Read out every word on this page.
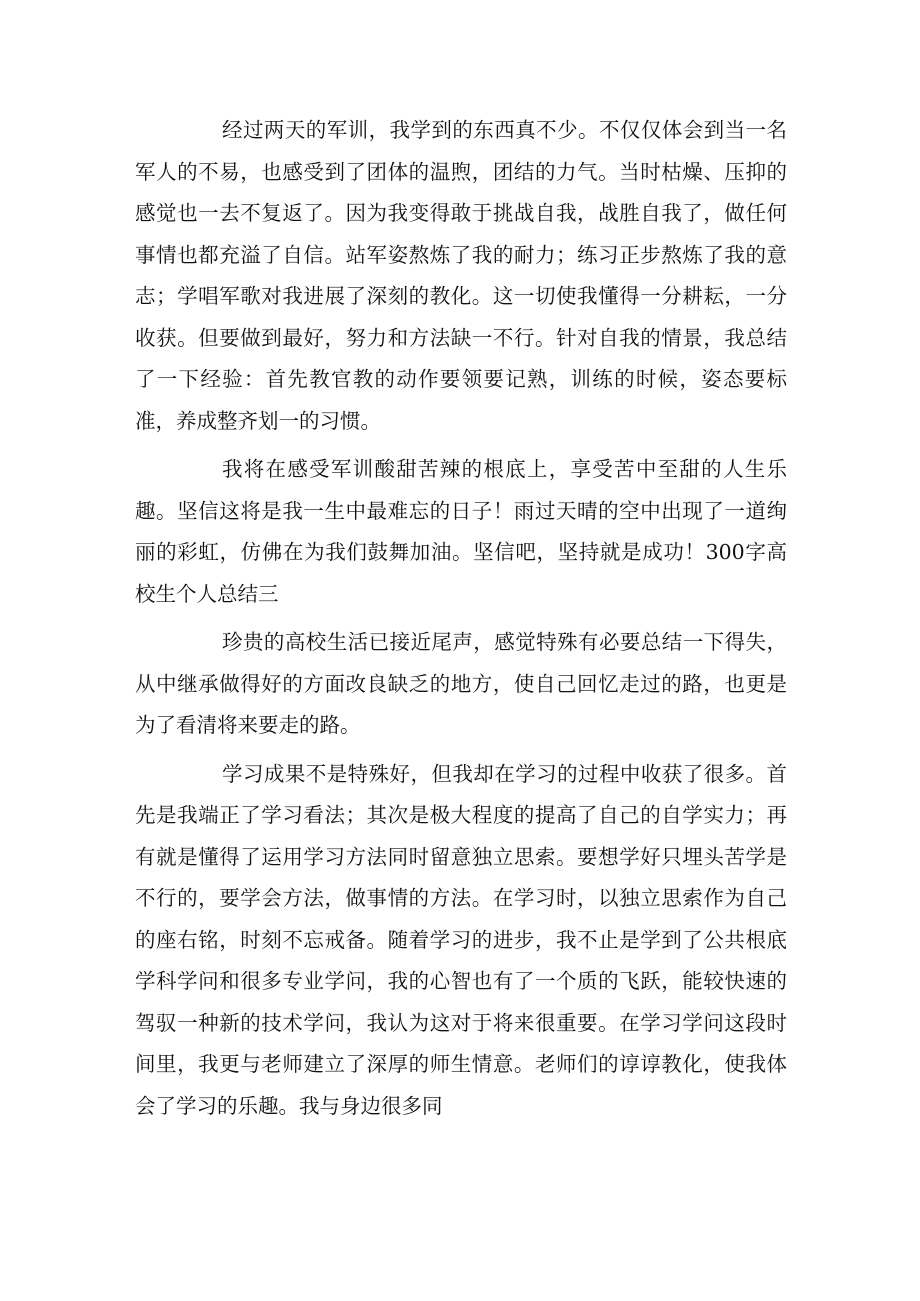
经过两天的军训，我学到的东西真不少。不仅仅体会到当一名军人的不易，也感受到了团体的温煦，团结的力气。当时枯燥、压抑的感觉也一去不复返了。因为我变得敢于挑战自我，战胜自我了，做任何事情也都充溢了自信。站军姿熬炼了我的耐力；练习正步熬炼了我的意志；学唱军歌对我进展了深刻的教化。这一切使我懂得一分耕耘，一分收获。但要做到最好，努力和方法缺一不行。针对自我的情景，我总结了一下经验：首先教官教的动作要领要记熟，训练的时候，姿态要标准，养成整齐划一的习惯。

我将在感受军训酸甜苦辣的根底上，享受苦中至甜的人生乐趣。坚信这将是我一生中最难忘的日子！雨过天晴的空中出现了一道绚丽的彩虹，仿佛在为我们鼓舞加油。坚信吧，坚持就是成功！300字高校生个人总结三

珍贵的高校生活已接近尾声，感觉特殊有必要总结一下得失，从中继承做得好的方面改良缺乏的地方，使自己回忆走过的路，也更是为了看清将来要走的路。

学习成果不是特殊好，但我却在学习的过程中收获了很多。首先是我端正了学习看法；其次是极大程度的提高了自己的自学实力；再有就是懂得了运用学习方法同时留意独立思索。要想学好只埋头苦学是不行的，要学会方法，做事情的方法。在学习时，以独立思索作为自己的座右铭，时刻不忘戒备。随着学习的进步，我不止是学到了公共根底学科学问和很多专业学问，我的心智也有了一个质的飞跃，能较快速的驾驭一种新的技术学问，我认为这对于将来很重要。在学习学问这段时间里，我更与老师建立了深厚的师生情意。老师们的谆谆教化，使我体会了学习的乐趣。我与身边很多同
